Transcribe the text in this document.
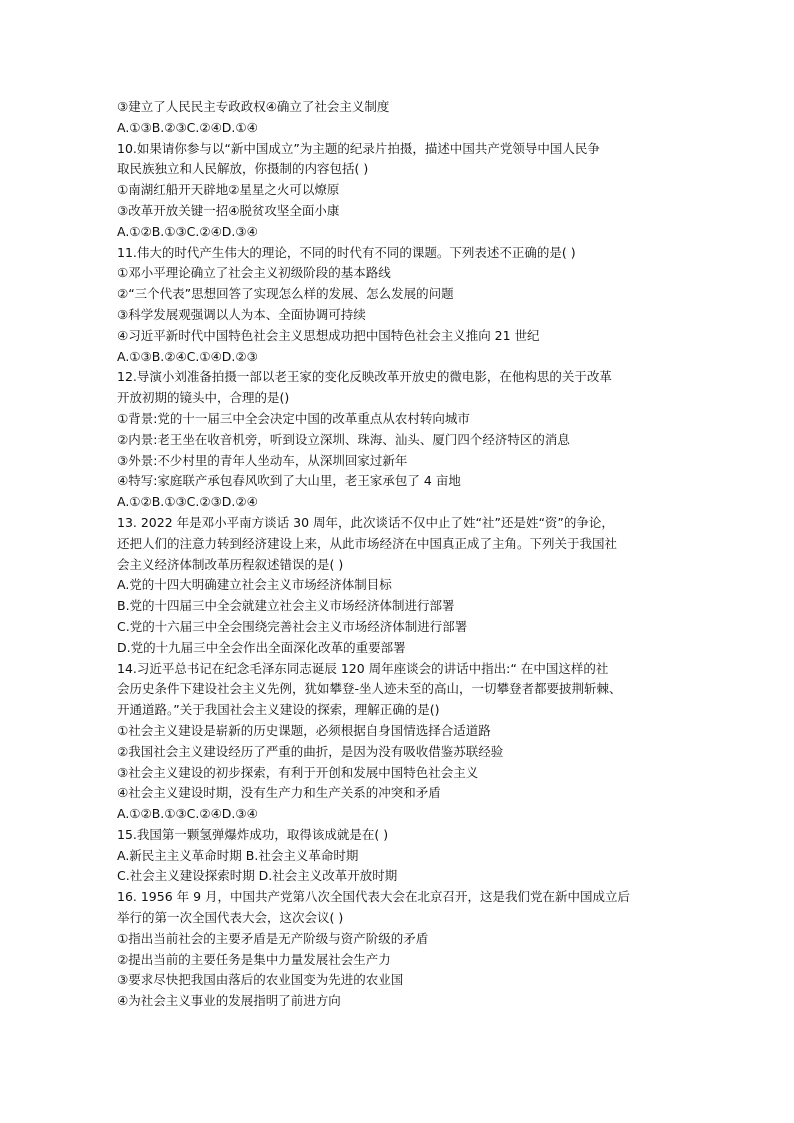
③建立了人民民主专政政权④确立了社会主义制度
A.①③B.②③C.②④D.①④
10.如果请你参与以“新中国成立”为主题的纪录片拍摄，描述中国共产党领导中国人民争
取民族独立和人民解放，你摄制的内容包括( )
①南湖红船开天辟地②星星之火可以燎原
③改革开放关键一招④脱贫攻坚全面小康
A.①②B.①③C.②④D.③④
11.伟大的时代产生伟大的理论，不同的时代有不同的课题。下列表述不正确的是( )
①邓小平理论确立了社会主义初级阶段的基本路线
②“三个代表”思想回答了实现怎么样的发展、怎么发展的问题
③科学发展观强调以人为本、全面协调可持续
④习近平新时代中国特色社会主义思想成功把中国特色社会主义推向 21 世纪
A.①③B.②④C.①④D.②③
12.导演小刘准备拍摄一部以老王家的变化反映改革开放史的微电影，在他构思的关于改革
开放初期的镜头中，合理的是()
①背景:党的十一届三中全会决定中国的改革重点从农村转向城市
②内景:老王坐在收音机旁，听到设立深圳、珠海、汕头、厦门四个经济特区的消息
③外景:不少村里的青年人坐动车，从深圳回家过新年
④特写:家庭联产承包春风吹到了大山里，老王家承包了 4 亩地
A.①②B.①③C.②③D.②④
13. 2022 年是邓小平南方谈话 30 周年，此次谈话不仅中止了姓“社”还是姓“资”的争论，
还把人们的注意力转到经济建设上来，从此市场经济在中国真正成了主角。下列关于我国社
会主义经济体制改革历程叙述错误的是( )
A.党的十四大明确建立社会主义市场经济体制目标
B.党的十四届三中全会就建立社会主义市场经济体制进行部署
C.党的十六届三中全会围绕完善社会主义市场经济体制进行部署
D.党的十九届三中全会作出全面深化改革的重要部署
14.习近平总书记在纪念毛泽东同志诞辰 120 周年座谈会的讲话中指出:“ 在中国这样的社
会历史条件下建设社会主义先例，犹如攀登-坐人迹未至的高山，一切攀登者都要披荆斩棘、
开通道路。”关于我国社会主义建设的探索，理解正确的是()
①社会主义建设是崭新的历史课题，必须根据自身国情选择合适道路
②我国社会主义建设经历了严重的曲折，是因为没有吸收借鉴苏联经验
③社会主义建设的初步探索，有利于开创和发展中国特色社会主义
④社会主义建设时期，没有生产力和生产关系的冲突和矛盾
A.①②B.①③C.②④D.③④
15.我国第一颗氢弹爆炸成功，取得该成就是在( )
A.新民主主义革命时期 B.社会主义革命时期
C.社会主义建设探索时期 D.社会主义改革开放时期
16. 1956 年 9 月，中国共产党第八次全国代表大会在北京召开，这是我们党在新中国成立后
举行的第一次全国代表大会，这次会议( )
①指出当前社会的主要矛盾是无产阶级与资产阶级的矛盾
②提出当前的主要任务是集中力量发展社会生产力
③要求尽快把我国由落后的农业国变为先进的农业国
④为社会主义事业的发展指明了前进方向
